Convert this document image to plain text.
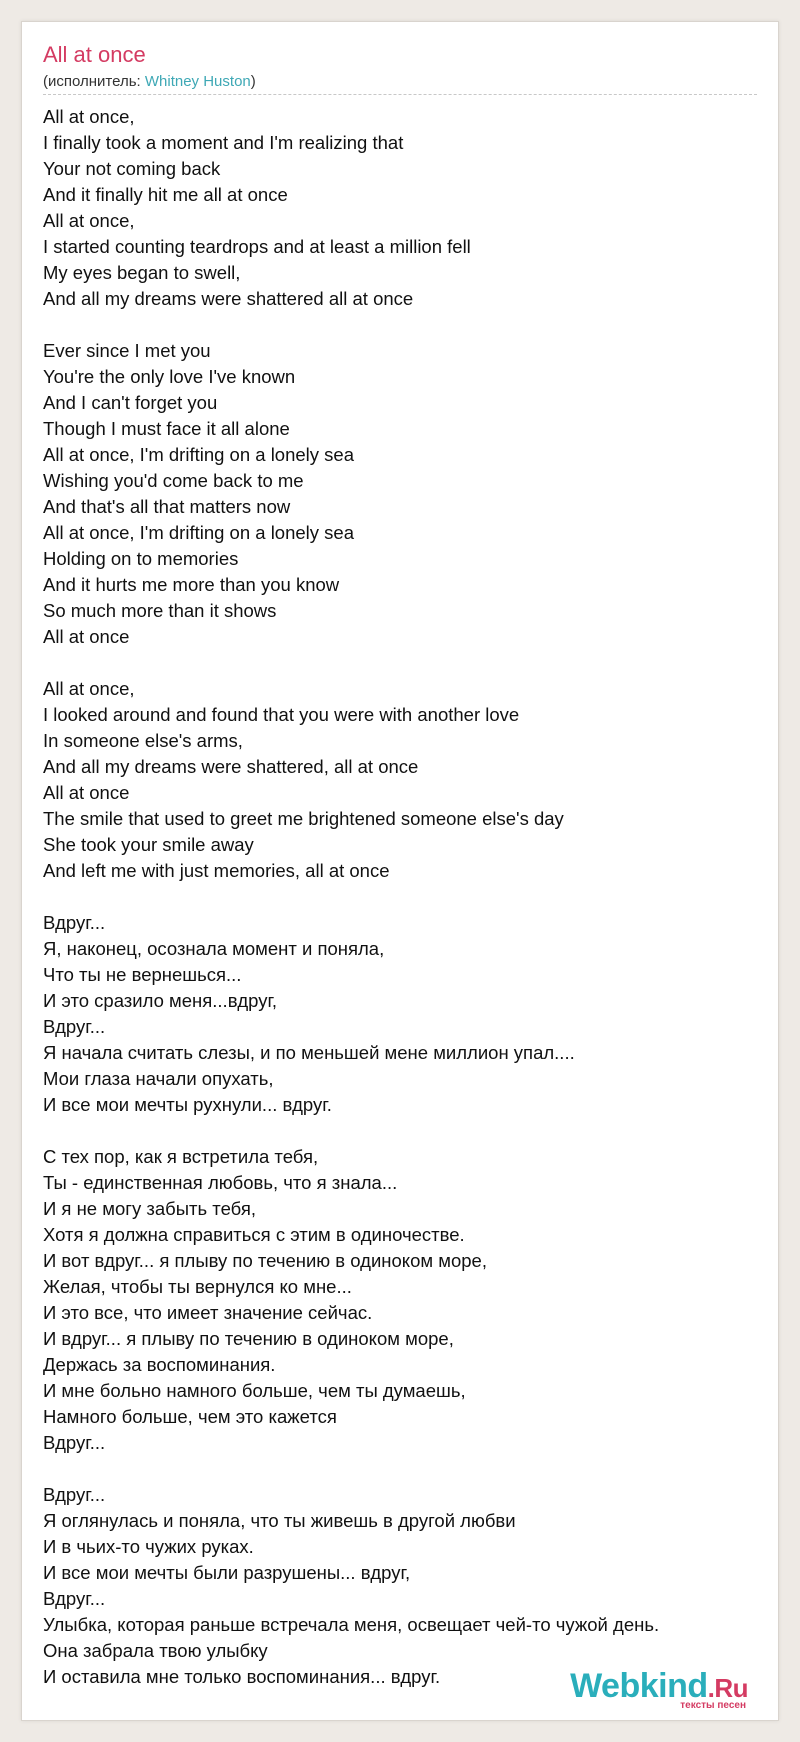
All at once
(исполнитель: Whitney Huston)
All at once,
I finally took a moment and I'm realizing that
Your not coming back
And it finally hit me all at once
All at once,
I started counting teardrops and at least a million fell
My eyes began to swell,
And all my dreams were shattered all at once
Ever since I met you
You're the only love I've known
And I can't forget you
Though I must face it all alone
All at once, I'm drifting on a lonely sea
Wishing you'd come back to me
And that's all that matters now
All at once, I'm drifting on a lonely sea
Holding on to memories
And it hurts me more than you know
So much more than it shows
All at once
All at once,
I looked around and found that you were with another love
In someone else's arms,
And all my dreams were shattered, all at once
All at once
The smile that used to greet me brightened someone else's day
She took your smile away
And left me with just memories, all at once
Вдруг...
Я, наконец, осознала момент и поняла,
Что ты не вернешься...
И это сразило меня...вдруг,
Вдруг...
Я начала считать слезы, и по меньшей мене миллион упал....
Мои глаза начали опухать,
И все мои мечты рухнули... вдруг.
С тех пор, как я встретила тебя,
Ты - единственная любовь, что я знала...
И я не могу забыть тебя,
Хотя я должна справиться с этим в одиночестве.
И вот вдруг... я плыву по течению в одиноком море,
Желая, чтобы ты вернулся ко мне...
И это все, что имеет значение сейчас.
И вдруг... я плыву по течению в одиноком море,
Держась за воспоминания.
И мне больно намного больше, чем ты думаешь,
Намного больше, чем это кажется
Вдруг...
Вдруг...
Я оглянулась и поняла, что ты живешь в другой любви
И в чьих-то чужих руках.
И все мои мечты были разрушены... вдруг,
Вдруг...
Улыбка, которая раньше встречала меня, освещает чей-то чужой день.
Она забрала твою улыбку
И оставила мне только воспоминания... вдруг.	Webkind.Ru
тексты песен
